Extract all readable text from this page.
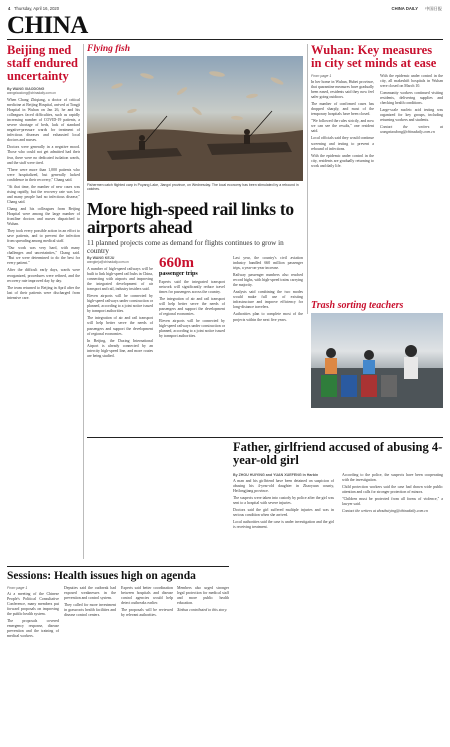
4 Thursday, April 16, 2020	CHINA DAILY 中国日报
CHINA
Beijing med staff endured uncertainty
By WANG XIAODONG
wangxiaodong@chinadaily.com.cn

When Chang Zhiqiang, a doctor of critical medicine at Beijing Hospital, arrived at Tongji Hospital in Wuhan on Jan 26, he and his colleagues faced difficulties, such as rapidly increasing number of COVID-19 patients, a severe shortage of beds, lack of standard negative-pressure wards for treatment of infectious diseases and exhausted local doctors and nurses.

Doctors were generally in a negative mood. Those who could not get admitted had their fear, there were no dedicated isolation wards, and the staff were tired.

"There were more than 1,000 patients who were hospitalized, but generally lacked confidence in their recovery," Chang said.

"At that time, the number of new cases was rising rapidly, but the recovery rate was low and many people had no infectious disease," Chang said.

Chang and his colleagues from Beijing Hospital were among the large number of frontline doctors and nurses dispatched to Wuhan.

They took every possible action in an effort to save patients, and to prevent the infection from spreading among medical staff.

"Our work was very hard, with many challenges and uncertainties," Chang said. "But we were determined to do the best for every patient."

After the difficult early days, wards were reorganized, procedures were refined, and the recovery rate improved day by day.

The team returned to Beijing in April after the last of their patients were discharged from intensive care.

Flying fish
Fishermen catch flighted carp in Poyang Lake, Jiangxi province, on Wednesday. The local economy has been stimulated by a rebound in catches.
More high-speed rail links to airports ahead
11 planned projects come as demand for flights continues to grow in country
By WANG KEJU
wangkeju@chinadaily.com.cn

A number of high-speed railways will be built to link high-speed rail hubs in China, connecting with airports and improving the integrated development of air transport and rail, industry insiders said.

Eleven airports will be connected by high-speed railways under construction or planned, according to a joint notice issued by transport authorities.

The integration of air and rail transport will help better serve the needs of passengers and support the development of regional economies.

In Beijing, the Daxing International Airport is already connected by an intercity high-speed line, and more routes are being studied.

660m
passenger trips

Experts said the integrated transport network will significantly reduce travel times for passengers across the country.

The integration of air and rail transport will help better serve the needs of passengers and support the development of regional economies.

Eleven airports will be connected by high-speed railways under construction or planned, according to a joint notice issued by transport authorities.

Last year, the country's civil aviation industry handled 660 million passenger trips, a year-on-year increase.

Railway passenger numbers also reached record highs, with high-speed trains carrying the majority.

Analysts said combining the two modes would make full use of existing infrastructure and improve efficiency for long-distance travelers.

Authorities plan to complete most of the projects within the next five years.

Wuhan: Key measures in city set minds at ease
From page 1

In her home in Wuhan, Hubei province, that quarantine measures have gradually been eased, residents said they now feel safer going outdoors.

The number of confirmed cases has dropped sharply, and most of the temporary hospitals have been closed.

"We followed the rules strictly, and now we can see the results," one resident said.

Local officials said they would continue screening and testing to prevent a rebound of infections.

With the epidemic under control in the city, residents are gradually returning to work and daily life.

With the epidemic under control in the city, all makeshift hospitals in Wuhan were closed on March 10.

Community workers continued visiting residents, delivering supplies and checking health conditions.

Large-scale nucleic acid testing was organized for key groups, including returning workers and students.

Contact the writers at wangxiaodong@chinadaily.com.cn

Trash sorting teachers
Father, girlfriend accused of abusing 4-year-old girl
By ZHOU HUIYING and YUAN XUEFENG in Harbin

A man and his girlfriend have been detained on suspicion of abusing his 4-year-old daughter in Zhaoyuan county, Heilongjiang province.

The suspects were taken into custody by police after the girl was sent to a hospital with severe injuries.

Doctors said the girl suffered multiple injuries and was in serious condition when she arrived.

Local authorities said the case is under investigation and the girl is receiving treatment.

According to the police, the suspects have been cooperating with the investigation.

Child protection workers said the case had drawn wide public attention and calls for stronger protection of minors.

"Children must be protected from all forms of violence," a lawyer said.

Contact the writers at zhouhuiying@chinadaily.com.cn

Sessions: Health issues high on agenda
From page 1

At a meeting of the Chinese People's Political Consultative Conference, many members put forward proposals on improving the public health system.

The proposals covered emergency response, disease prevention and the training of medical workers.

Deputies said the outbreak had exposed weaknesses in the prevention and control system.

They called for more investment in grassroots health facilities and disease control centers.

Experts said better coordination between hospitals and disease control agencies would help detect outbreaks earlier.

The proposals will be reviewed by relevant authorities.

Members also urged stronger legal protection for medical staff and more public health education.

Xinhua contributed to this story.
